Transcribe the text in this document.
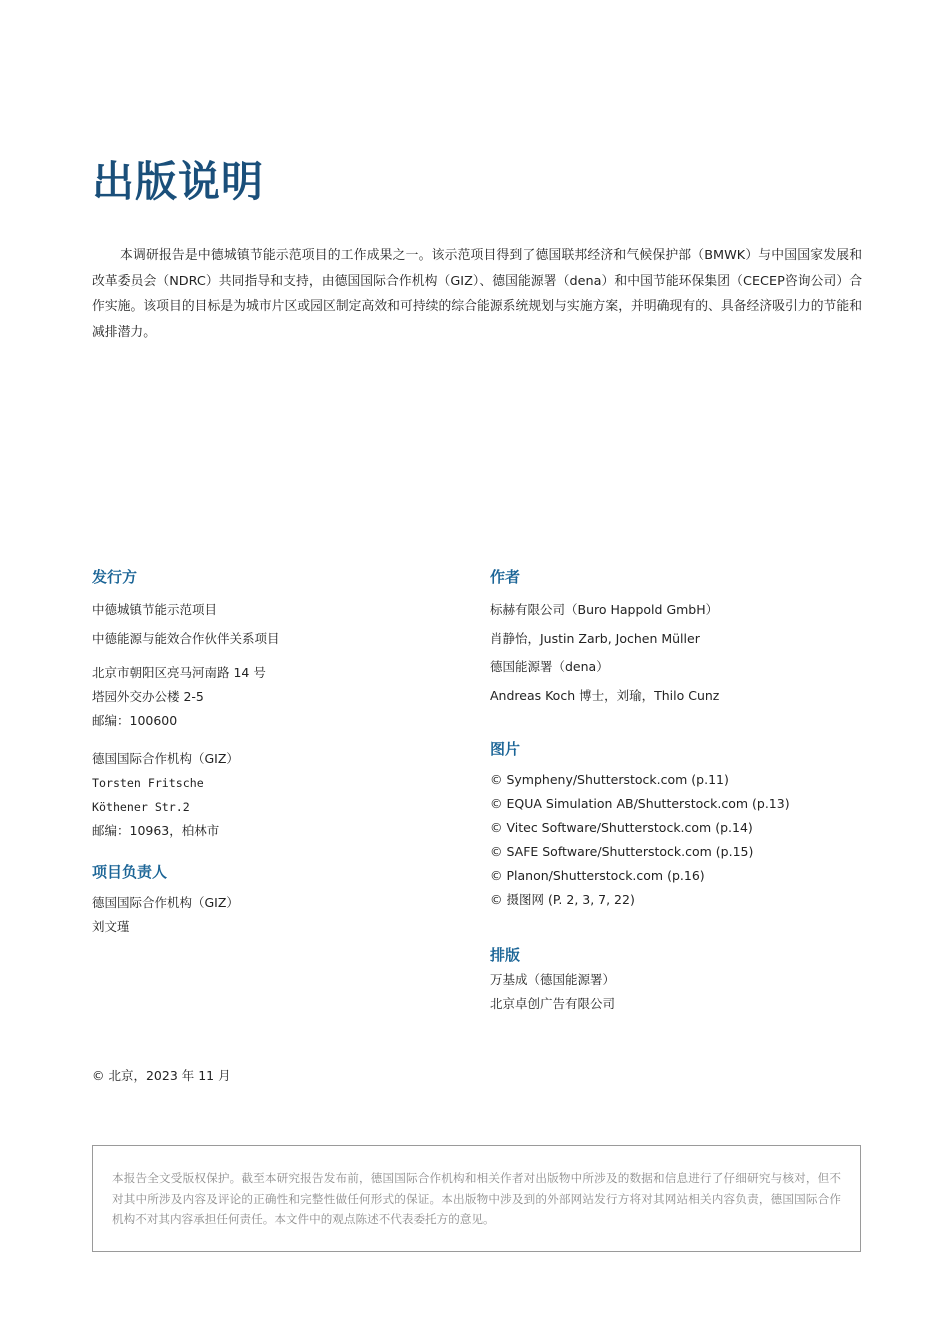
出版说明

本调研报告是中德城镇节能示范项目的工作成果之一。该示范项目得到了德国联邦经济和气候保护部（BMWK）与中国国家发展和改革委员会（NDRC）共同指导和支持，由德国国际合作机构（GIZ）、德国能源署（dena）和中国节能环保集团（CECEP咨询公司）合作实施。该项目的目标是为城市片区或园区制定高效和可持续的综合能源系统规划与实施方案，并明确现有的、具备经济吸引力的节能和减排潜力。

发行方
中德城镇节能示范项目
中德能源与能效合作伙伴关系项目
北京市朝阳区亮马河南路 14 号
塔园外交办公楼 2-5
邮编：100600
德国国际合作机构（GIZ）
Torsten Fritsche
Köthener Str.2
邮编：10963，柏林市
项目负责人
德国国际合作机构（GIZ）
刘文瑾
作者
标赫有限公司（Buro Happold GmbH）
肖静怡，Justin Zarb, Jochen Müller
德国能源署（dena）
Andreas Koch 博士，刘瑜，Thilo Cunz
图片
© Sympheny/Shutterstock.com (p.11)
© EQUA Simulation AB/Shutterstock.com (p.13)
© Vitec Software/Shutterstock.com (p.14)
© SAFE Software/Shutterstock.com (p.15)
© Planon/Shutterstock.com (p.16)
© 摄图网 (P. 2, 3, 7, 22)
排版
万基成（德国能源署）
北京卓创广告有限公司
© 北京，2023 年 11 月

本报告全文受版权保护。截至本研究报告发布前，德国国际合作机构和相关作者对出版物中所涉及的数据和信息进行了仔细研究与核对，但不对其中所涉及内容及评论的正确性和完整性做任何形式的保证。本出版物中涉及到的外部网站发行方将对其网站相关内容负责，德国国际合作机构不对其内容承担任何责任。本文件中的观点陈述不代表委托方的意见。
